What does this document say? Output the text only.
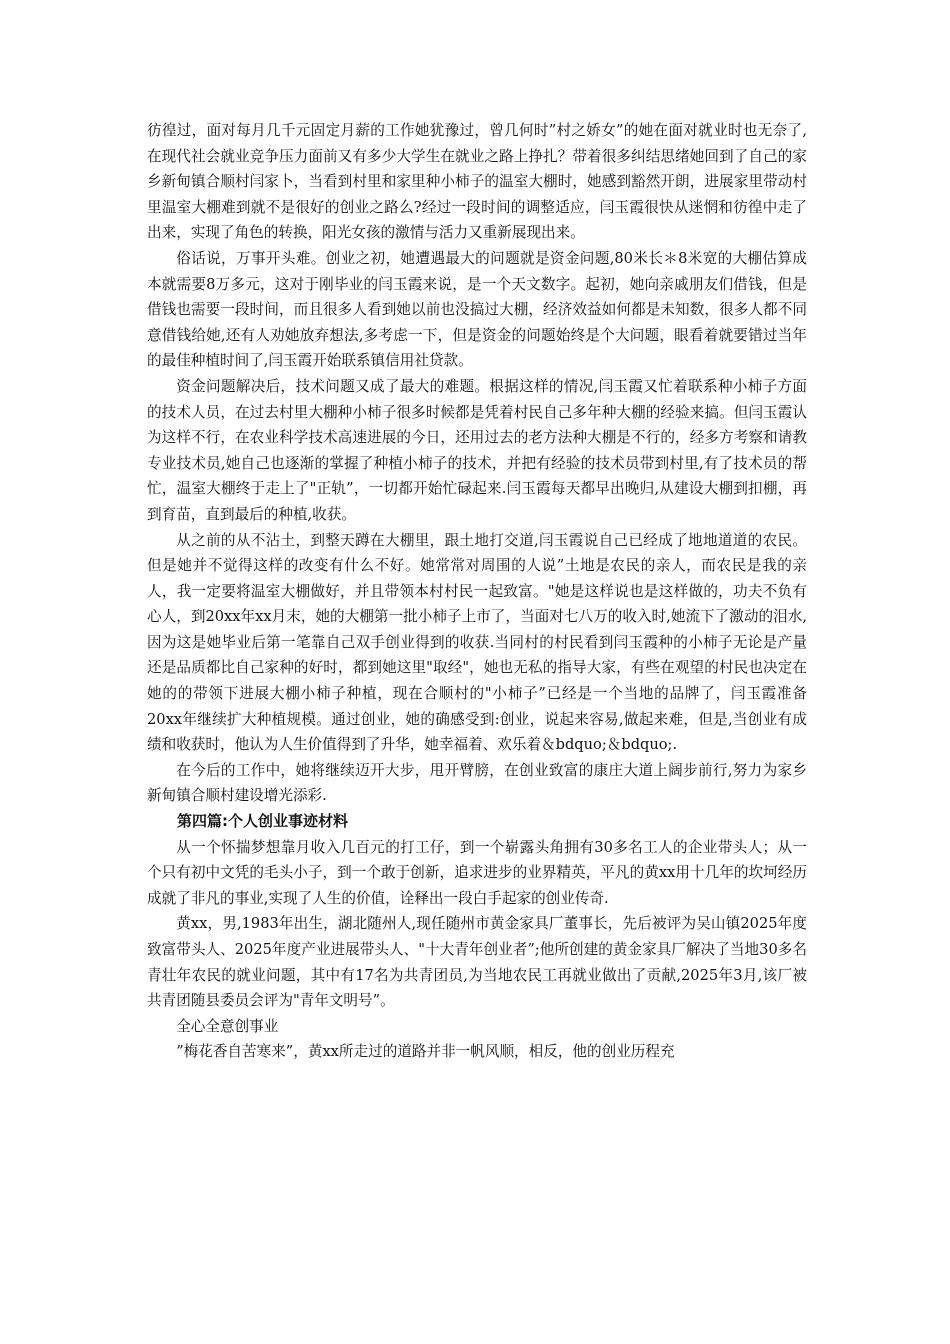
彷徨过，面对每月几千元固定月薪的工作她犹豫过，曾几何时”村之娇女”的她在面对就业时也无奈了,在现代社会就业竞争压力面前又有多少大学生在就业之路上挣扎？带着很多纠结思绪她回到了自己的家乡新甸镇合顺村闫家卜，当看到村里和家里种小柿子的温室大棚时，她感到豁然开朗，进展家里带动村里温室大棚难到就不是很好的创业之路么?经过一段时间的调整适应，闫玉霞很快从迷惘和彷徨中走了出来，实现了角色的转换，阳光女孩的激情与活力又重新展现出来。

俗话说，万事开头难。创业之初，她遭遇最大的问题就是资金问题,80米长＊8米宽的大棚估算成本就需要8万多元，这对于刚毕业的闫玉霞来说，是一个天文数字。起初，她向亲戚朋友们借钱，但是借钱也需要一段时间，而且很多人看到她以前也没搞过大棚，经济效益如何都是未知数，很多人都不同意借钱给她,还有人劝她放弃想法,多考虑一下，但是资金的问题始终是个大问题，眼看着就要错过当年的最佳种植时间了,闫玉霞开始联系镇信用社贷款。

资金问题解决后，技术问题又成了最大的难题。根据这样的情况,闫玉霞又忙着联系种小柿子方面的技术人员，在过去村里大棚种小柿子很多时候都是凭着村民自己多年种大棚的经验来搞。但闫玉霞认为这样不行，在农业科学技术高速进展的今日，还用过去的老方法种大棚是不行的，经多方考察和请教专业技术员,她自己也逐渐的掌握了种植小柿子的技术，并把有经验的技术员带到村里,有了技术员的帮忙，温室大棚终于走上了"正轨”，一切都开始忙碌起来.闫玉霞每天都早出晚归,从建设大棚到扣棚，再到育苗，直到最后的种植,收获。

从之前的从不沾土，到整天蹲在大棚里，跟土地打交道,闫玉霞说自己已经成了地地道道的农民。但是她并不觉得这样的改变有什么不好。她常常对周围的人说”土地是农民的亲人，而农民是我的亲人，我一定要将温室大棚做好，并且带领本村村民一起致富。"她是这样说也是这样做的，功夫不负有心人，到20xx年xx月末，她的大棚第一批小柿子上市了，当面对七八万的收入时,她流下了激动的泪水,因为这是她毕业后第一笔靠自己双手创业得到的收获.当同村的村民看到闫玉霞种的小柿子无论是产量还是品质都比自己家种的好时，都到她这里"取经"，她也无私的指导大家，有些在观望的村民也决定在她的的带领下进展大棚小柿子种植，现在合顺村的"小柿子”已经是一个当地的品牌了，闫玉霞准备20xx年继续扩大种植规模。通过创业，她的确感受到:创业，说起来容易,做起来难，但是,当创业有成绩和收获时，他认为人生价值得到了升华，她幸福着、欢乐着＆bdquo;＆bdquo;.

在今后的工作中，她将继续迈开大步，甩开臂膀，在创业致富的康庄大道上阔步前行,努力为家乡新甸镇合顺村建设增光添彩.

第四篇:个人创业事迹材料

从一个怀揣梦想靠月收入几百元的打工仔，到一个崭露头角拥有30多名工人的企业带头人；从一个只有初中文凭的毛头小子，到一个敢于创新，追求进步的业界精英，平凡的黄xx用十几年的坎坷经历成就了非凡的事业,实现了人生的价值，诠释出一段白手起家的创业传奇.

黄xx，男,1983年出生，湖北随州人,现任随州市黄金家具厂董事长，先后被评为吴山镇2025年度致富带头人、2025年度产业进展带头人、"十大青年创业者”;他所创建的黄金家具厂解决了当地30多名青壮年农民的就业问题，其中有17名为共青团员,为当地农民工再就业做出了贡献,2025年3月,该厂被共青团随县委员会评为"青年文明号”。

全心全意创事业

”梅花香自苦寒来”，黄xx所走过的道路并非一帆风顺，相反，他的创业历程充
